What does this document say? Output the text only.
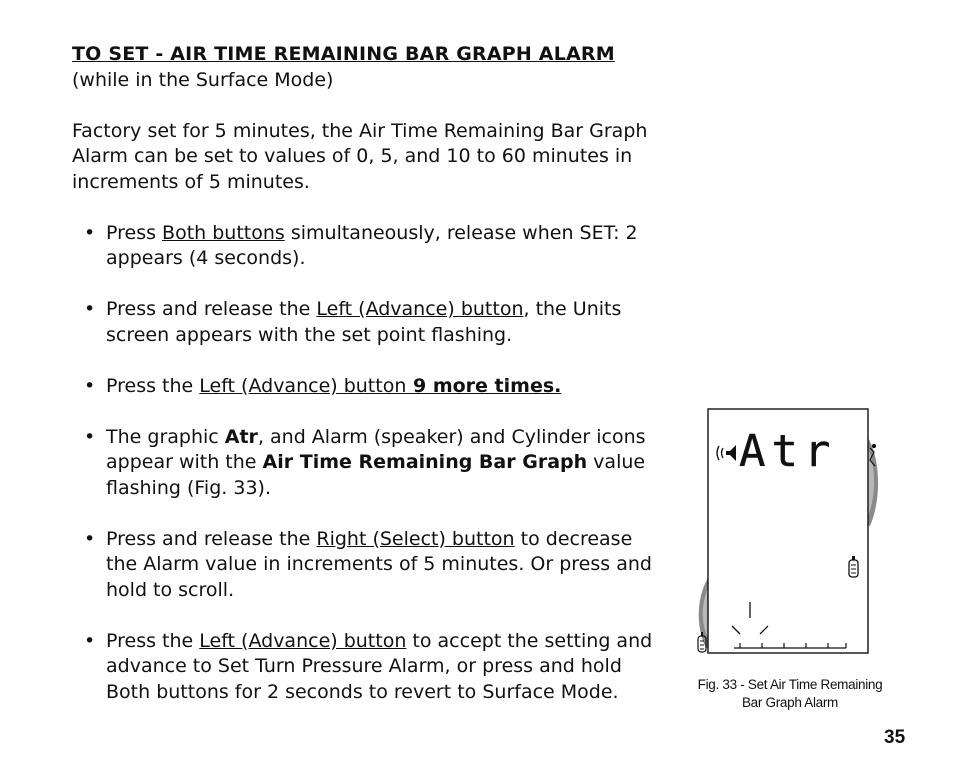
TO SET - AIR TIME REMAINING BAR GRAPH ALARM

(while in the Surface Mode)

Factory set for 5 minutes, the Air Time Remaining Bar Graph Alarm can be set to values of 0, 5, and 10 to 60 minutes in increments of 5 minutes.

• Press Both buttons simultaneously, release when SET: 2 appears (4 seconds).

• Press and release the Left (Advance) button, the Units screen appears with the set point flashing.

• Press the Left (Advance) button 9 more times.

• The graphic Atr, and Alarm (speaker) and Cylinder icons appear with the Air Time Remaining Bar Graph value flashing (Fig. 33).

• Press and release the Right (Select) button to decrease the Alarm value in increments of 5 minutes. Or press and hold to scroll.

• Press the Left (Advance) button to accept the setting and advance to Set Turn Pressure Alarm, or press and hold Both buttons for 2 seconds to revert to Surface Mode.

Atr
Fig. 33 - Set Air Time Remaining
Bar Graph Alarm
35
